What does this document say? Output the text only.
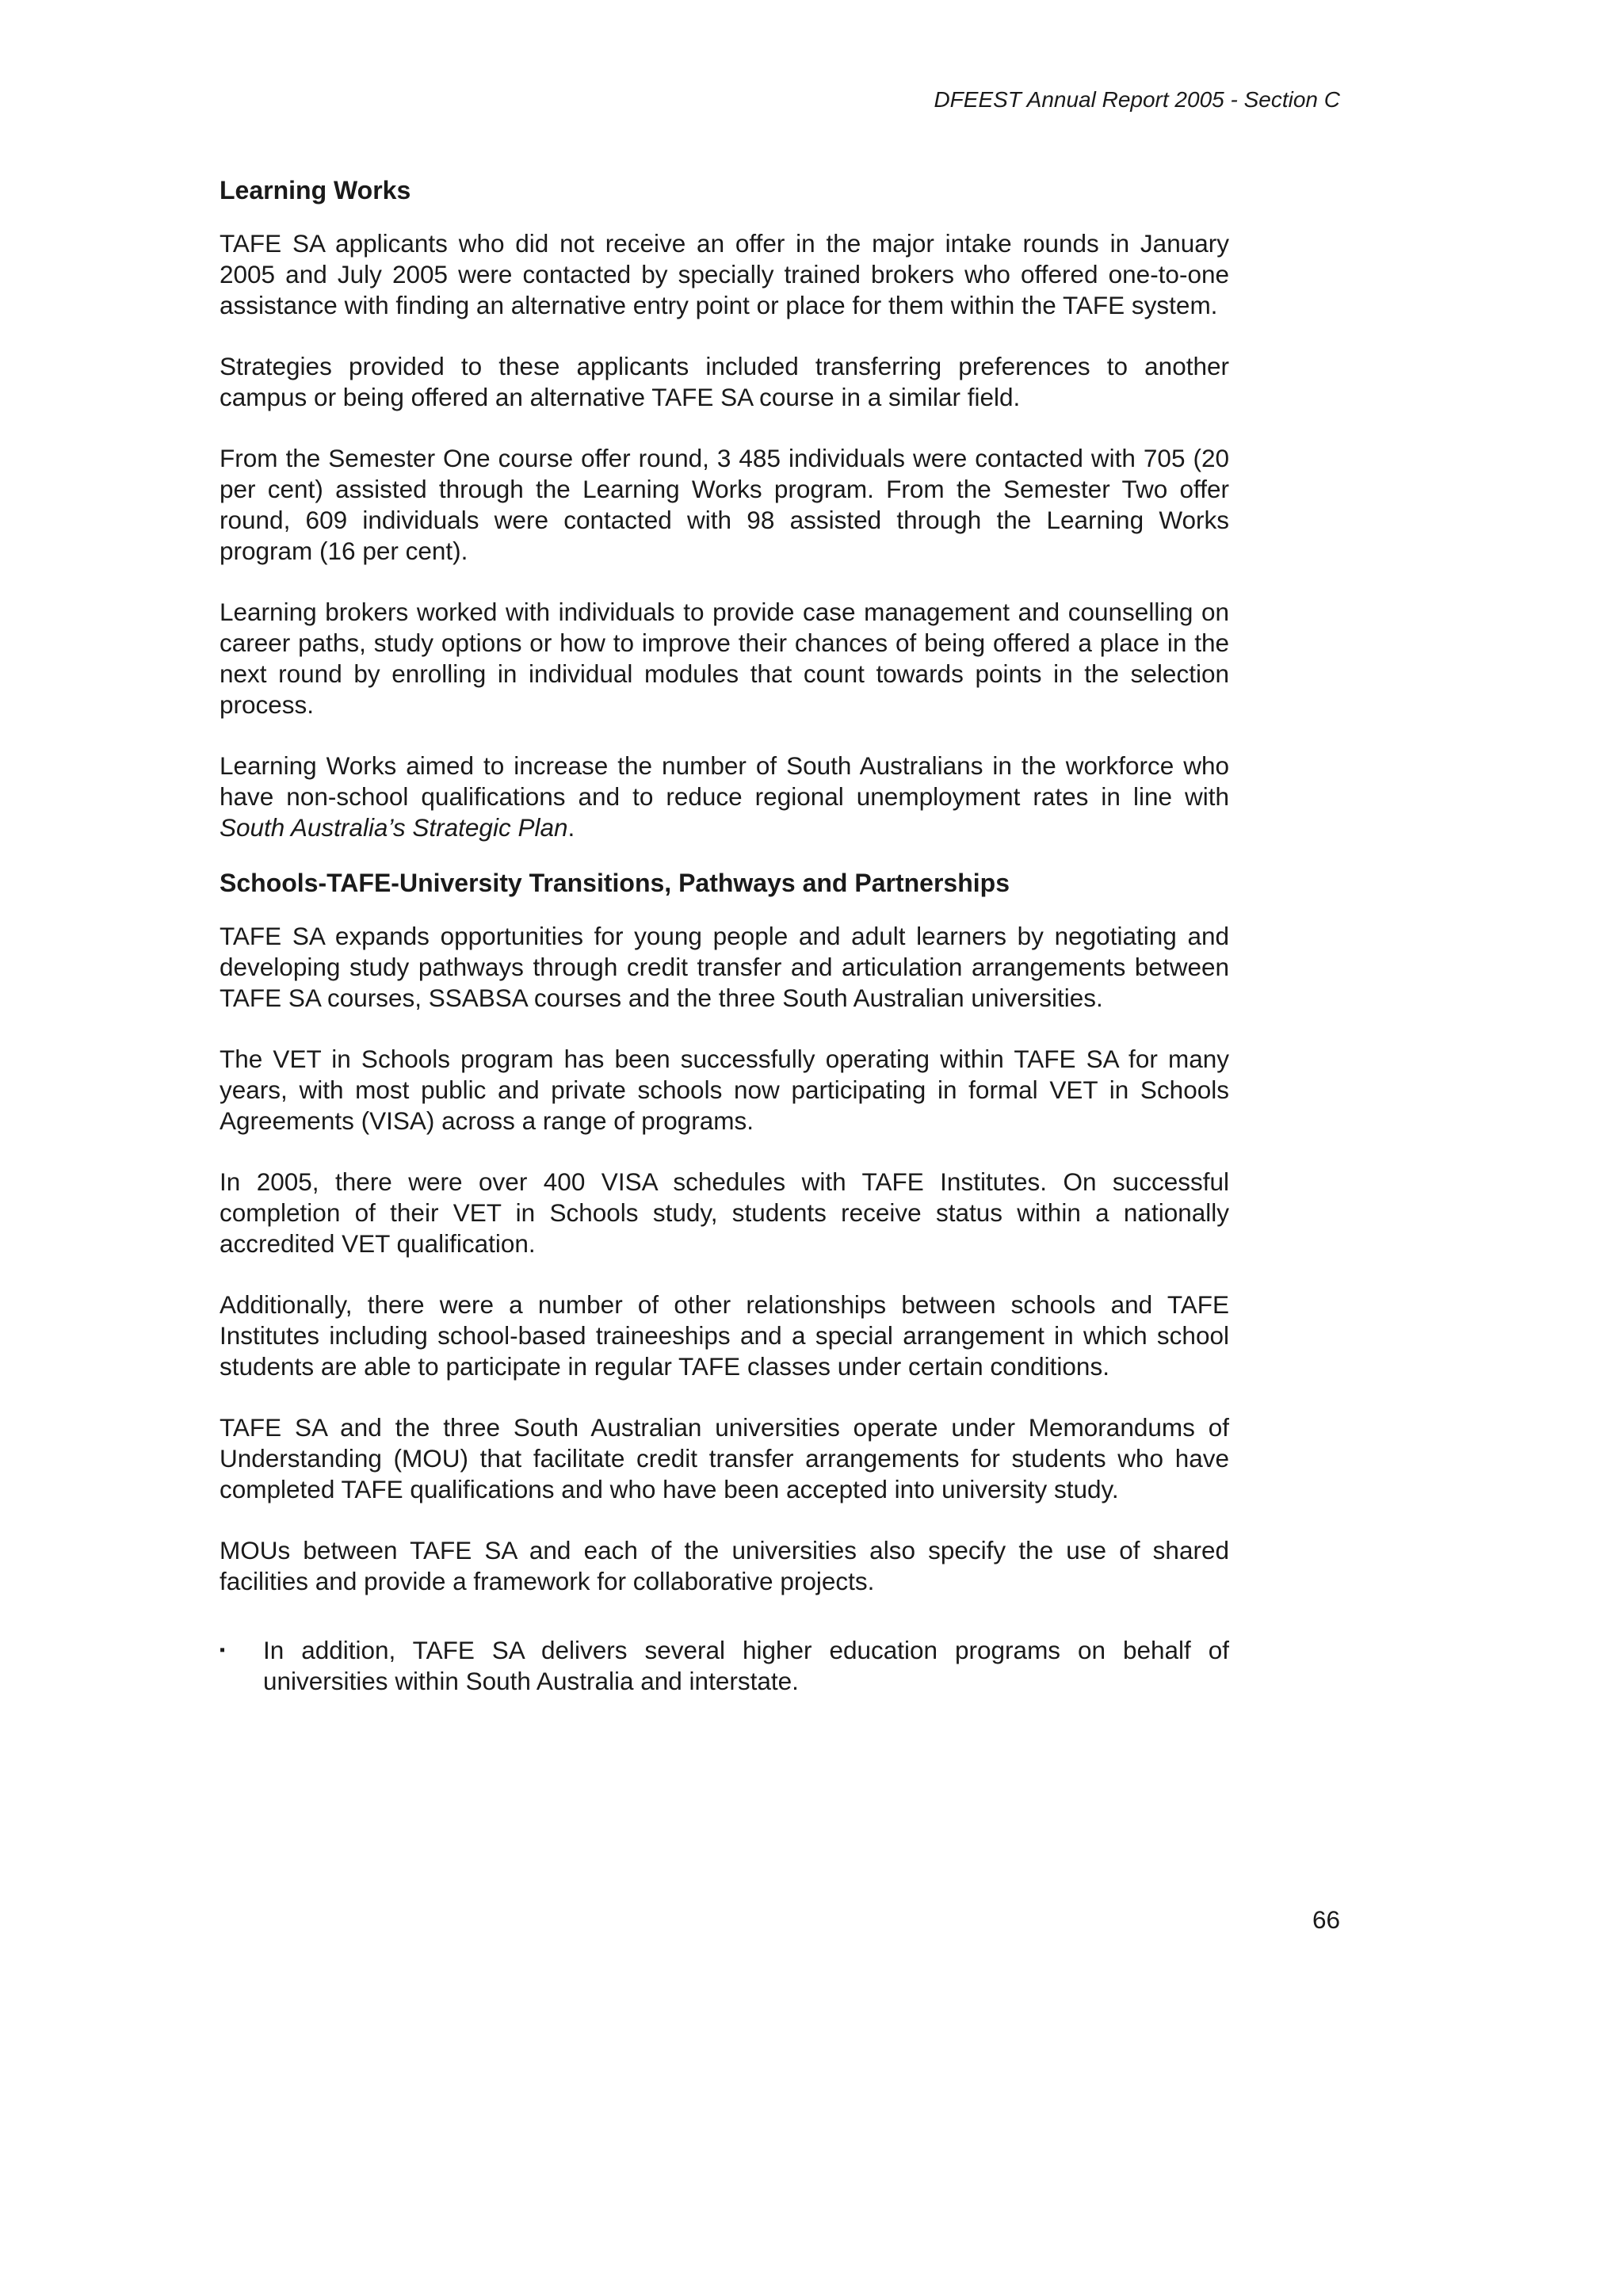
DFEEST Annual Report 2005 - Section C
Learning Works

TAFE SA applicants who did not receive an offer in the major intake rounds in January 2005 and July 2005 were contacted by specially trained brokers who offered one-to-one assistance with finding an alternative entry point or place for them within the TAFE system.

Strategies provided to these applicants included transferring preferences to another campus or being offered an alternative TAFE SA course in a similar field.

From the Semester One course offer round, 3 485 individuals were contacted with 705 (20 per cent) assisted through the Learning Works program. From the Semester Two offer round, 609 individuals were contacted with 98 assisted through the Learning Works program (16 per cent).

Learning brokers worked with individuals to provide case management and counselling on career paths, study options or how to improve their chances of being offered a place in the next round by enrolling in individual modules that count towards points in the selection process.

Learning Works aimed to increase the number of South Australians in the workforce who have non-school qualifications and to reduce regional unemployment rates in line with South Australia’s Strategic Plan.

Schools-TAFE-University Transitions, Pathways and Partnerships

TAFE SA expands opportunities for young people and adult learners by negotiating and developing study pathways through credit transfer and articulation arrangements between TAFE SA courses, SSABSA courses and the three South Australian universities.

The VET in Schools program has been successfully operating within TAFE SA for many years, with most public and private schools now participating in formal VET in Schools Agreements (VISA) across a range of programs.

In 2005, there were over 400 VISA schedules with TAFE Institutes. On successful completion of their VET in Schools study, students receive status within a nationally accredited VET qualification.

Additionally, there were a number of other relationships between schools and TAFE Institutes including school-based traineeships and a special arrangement in which school students are able to participate in regular TAFE classes under certain conditions.

TAFE SA and the three South Australian universities operate under Memorandums of Understanding (MOU) that facilitate credit transfer arrangements for students who have completed TAFE qualifications and who have been accepted into university study.

MOUs between TAFE SA and each of the universities also specify the use of shared facilities and provide a framework for collaborative projects.

▪ In addition, TAFE SA delivers several higher education programs on behalf of universities within South Australia and interstate.
66
